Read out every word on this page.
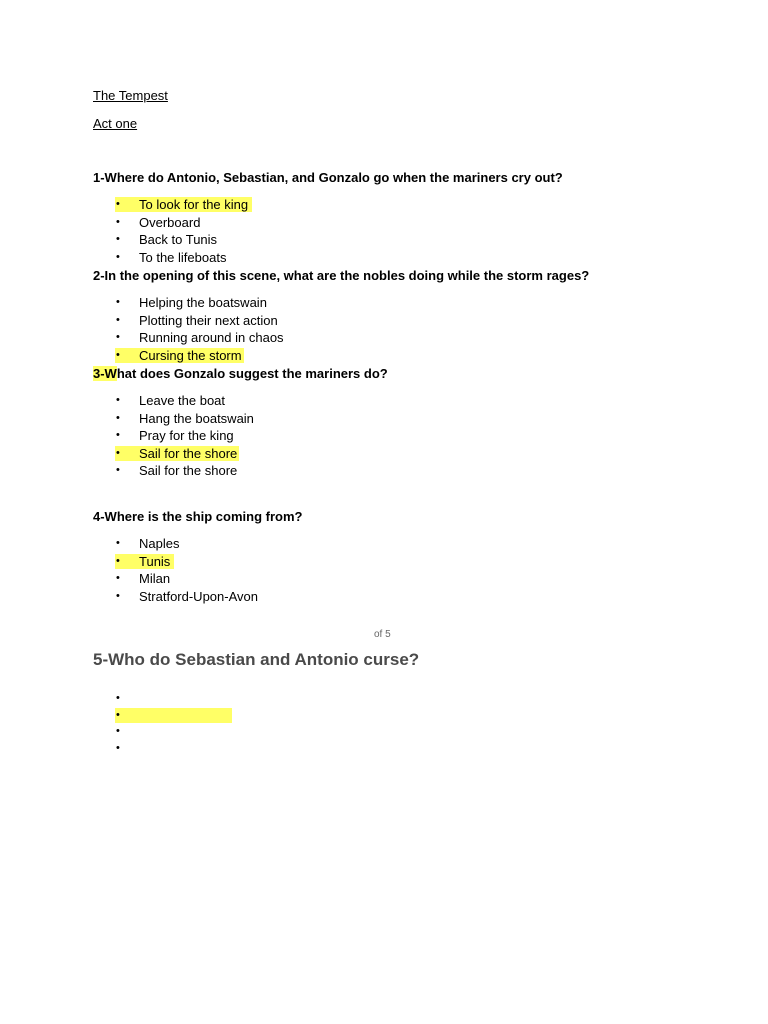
The Tempest
Act one
1-Where do Antonio, Sebastian, and Gonzalo go when the mariners cry out?
•	To look for the king
•	Overboard
•	Back to Tunis
•	To the lifeboats
2-In the opening of this scene, what are the nobles doing while the storm rages?
•	Helping the boatswain
•	Plotting their next action
•	Running around in chaos
•	Cursing the storm
3-What does Gonzalo suggest the mariners do?
•	Leave the boat
•	Hang the boatswain
•	Pray for the king
•	Sail for the shore
•	Sail for the shore
4-Where is the ship coming from?
•	Naples
•	Tunis
•	Milan
•	Stratford-Upon-Avon
of 5
5-Who do Sebastian and Antonio curse?
•
•
•
•
